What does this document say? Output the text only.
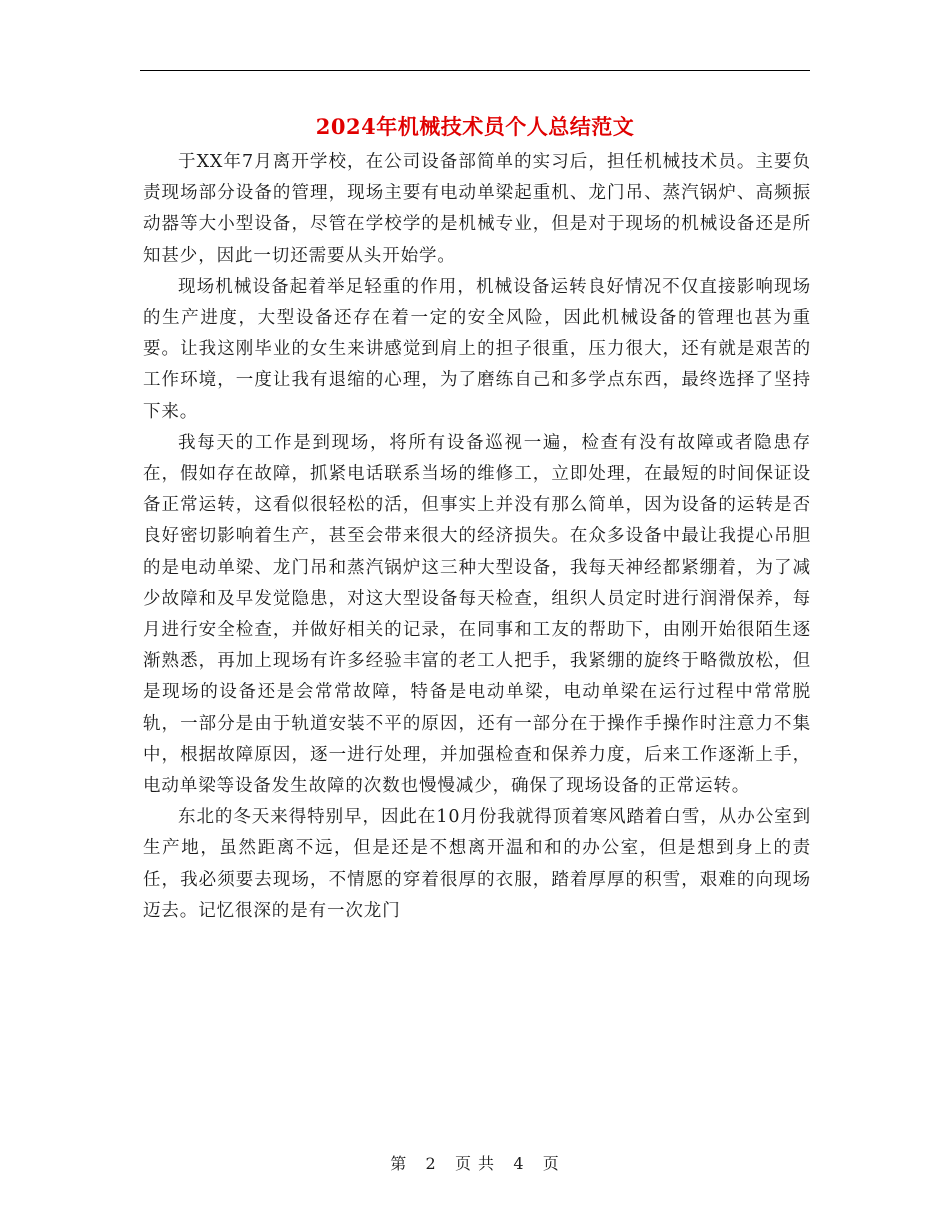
2024年机械技术员个人总结范文

于XX年7月离开学校，在公司设备部简单的实习后，担任机械技术员。主要负责现场部分设备的管理，现场主要有电动单梁起重机、龙门吊、蒸汽锅炉、高频振动器等大小型设备，尽管在学校学的是机械专业，但是对于现场的机械设备还是所知甚少，因此一切还需要从头开始学。

现场机械设备起着举足轻重的作用，机械设备运转良好情况不仅直接影响现场的生产进度，大型设备还存在着一定的安全风险，因此机械设备的管理也甚为重要。让我这刚毕业的女生来讲感觉到肩上的担子很重，压力很大，还有就是艰苦的工作环境，一度让我有退缩的心理，为了磨练自己和多学点东西，最终选择了坚持下来。

我每天的工作是到现场，将所有设备巡视一遍，检查有没有故障或者隐患存在，假如存在故障，抓紧电话联系当场的维修工，立即处理，在最短的时间保证设备正常运转，这看似很轻松的活，但事实上并没有那么简单，因为设备的运转是否良好密切影响着生产，甚至会带来很大的经济损失。在众多设备中最让我提心吊胆的是电动单梁、龙门吊和蒸汽锅炉这三种大型设备，我每天神经都紧绷着，为了减少故障和及早发觉隐患，对这大型设备每天检查，组织人员定时进行润滑保养，每月进行安全检查，并做好相关的记录，在同事和工友的帮助下，由刚开始很陌生逐渐熟悉，再加上现场有许多经验丰富的老工人把手，我紧绷的旋终于略微放松，但是现场的设备还是会常常故障，特备是电动单梁，电动单梁在运行过程中常常脱轨，一部分是由于轨道安装不平的原因，还有一部分在于操作手操作时注意力不集中，根据故障原因，逐一进行处理，并加强检查和保养力度，后来工作逐渐上手，电动单梁等设备发生故障的次数也慢慢减少，确保了现场设备的正常运转。

东北的冬天来得特别早，因此在10月份我就得顶着寒风踏着白雪，从办公室到生产地，虽然距离不远，但是还是不想离开温和和的办公室，但是想到身上的责任，我必须要去现场，不情愿的穿着很厚的衣服，踏着厚厚的积雪，艰难的向现场迈去。记忆很深的是有一次龙门

第 2 页 共 4 页
